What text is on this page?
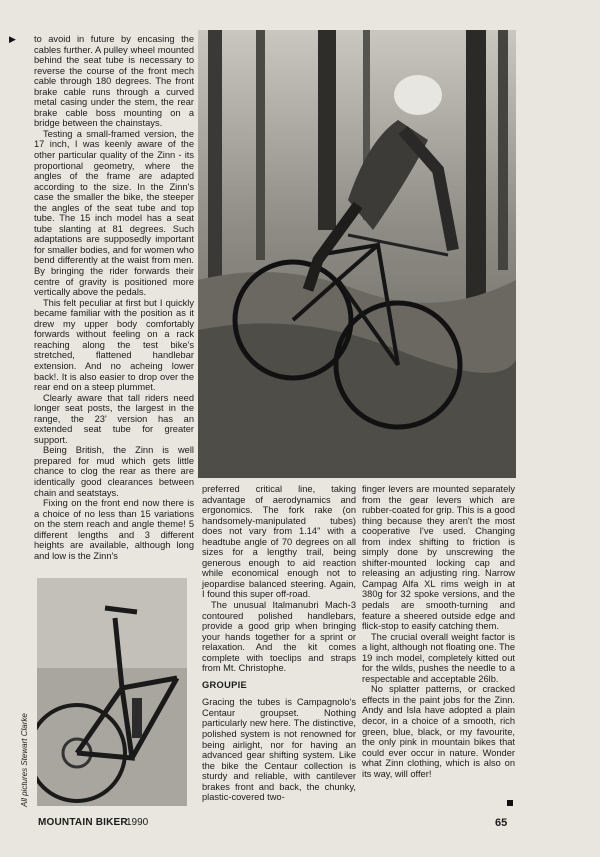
▶ to avoid in future by encasing the cables further. A pulley wheel mounted behind the seat tube is necessary to reverse the course of the front mech cable through 180 degrees. The front brake cable runs through a curved metal casing under the stem, the rear brake cable boss mounting on a bridge between the chainstays.

Testing a small-framed version, the 17 inch, I was keenly aware of the other particular quality of the Zinn - its proportional geometry, where the angles of the frame are adapted according to the size. In the Zinn's case the smaller the bike, the steeper the angles of the seat tube and top tube. The 15 inch model has a seat tube slanting at 81 degrees. Such adaptations are supposedly important for smaller bodies, and for women who bend differently at the waist from men. By bringing the rider forwards their centre of gravity is positioned more vertically above the pedals.

This felt peculiar at first but I quickly became familiar with the position as it drew my upper body comfortably forwards without feeling on a rack reaching along the test bike's stretched, flattened handlebar extension. And no acheing lower back!. It is also easier to drop over the rear end on a steep plummet.

Clearly aware that tall riders need longer seat posts, the largest in the range, the 23' version has an extended seat tube for greater support.

Being British, the Zinn is well prepared for mud which gets little chance to clog the rear as there are identically good clearances between chain and seatstays.

Fixing on the front end now there is a choice of no less than 15 variations on the stem reach and angle theme! 5 different lengths and 3 different heights are available, although long and low is the Zinn's

preferred critical line, taking advantage of aerodynamics and ergonomics. The fork rake (on handsomely-manipulated tubes) does not vary from 1.14" with a headtube angle of 70 degrees on all sizes for a lengthy trail, being generous enough to aid reaction while economical enough not to jeopardise balanced steering. Again, I found this super off-road.

The unusual Italmanubri Mach-3 contoured polished handlebars, provide a good grip when bringing your hands together for a sprint or relaxation. And the kit comes complete with toeclips and straps from Mt. Christophe.

GROUPIE

Gracing the tubes is Campagnolo's Centaur groupset. Nothing particularly new here. The distinctive, polished system is not renowned for being airlight, nor for having an advanced gear shifting system. Like the bike the Centaur collection is sturdy and reliable, with cantilever brakes front and back, the chunky, plastic-covered two-

finger levers are mounted separately from the gear levers which are rubber-coated for grip. This is a good thing because they aren't the most cooperative I've used. Changing from index shifting to friction is simply done by unscrewing the shifter-mounted locking cap and releasing an adjusting ring. Narrow Campag Alfa XL rims weigh in at 380g for 32 spoke versions, and the pedals are smooth-turning and feature a sheered outside edge and flick-stop to easify catching them.

The crucial overall weight factor is a light, although not floating one. The 19 inch model, completely kitted out for the wilds, pushes the needle to a respectable and acceptable 26lb.

No splatter patterns, or cracked effects in the paint jobs for the Zinn. Andy and Isla have adopted a plain decor, in a choice of a smooth, rich green, blue, black, or my favourite, the only pink in mountain bikes that could ever occur in nature. Wonder what Zinn clothing, which is also on its way, will offer!

All pictures Stewart Clarke
MOUNTAIN BIKER
1990	65
